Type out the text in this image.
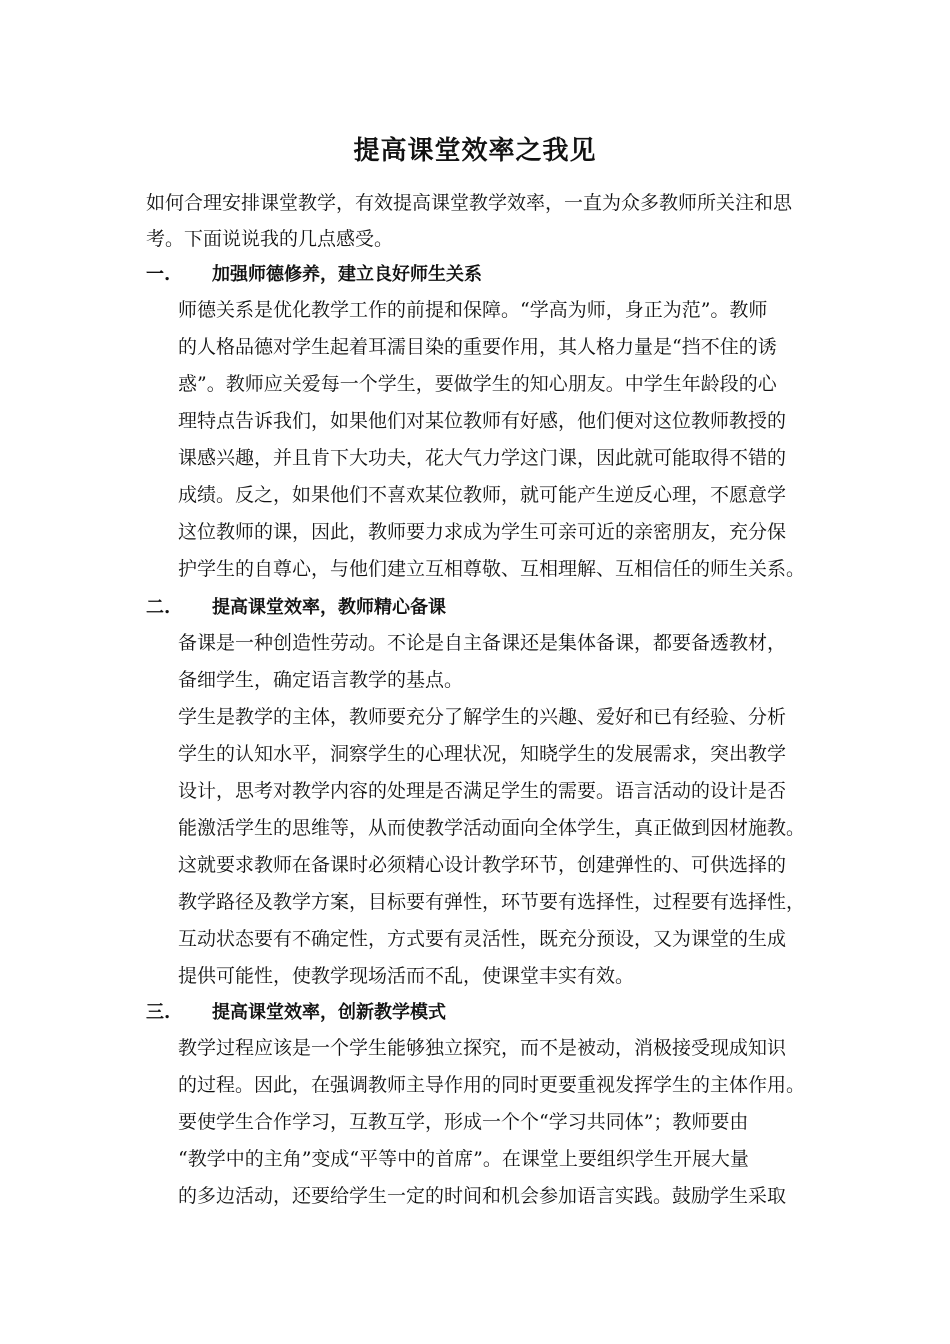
提高课堂效率之我见

如何合理安排课堂教学，有效提高课堂教学效率，一直为众多教师所关注和思
考。下面说说我的几点感受。

一. 加强师德修养，建立良好师生关系

师德关系是优化教学工作的前提和保障。“学高为师，身正为范”。教师
的人格品德对学生起着耳濡目染的重要作用，其人格力量是“挡不住的诱
惑”。教师应关爱每一个学生，要做学生的知心朋友。中学生年龄段的心
理特点告诉我们，如果他们对某位教师有好感，他们便对这位教师教授的
课感兴趣，并且肯下大功夫，花大气力学这门课，因此就可能取得不错的
成绩。反之，如果他们不喜欢某位教师，就可能产生逆反心理，不愿意学
这位教师的课，因此，教师要力求成为学生可亲可近的亲密朋友，充分保
护学生的自尊心，与他们建立互相尊敬、互相理解、互相信任的师生关系。

二. 提高课堂效率，教师精心备课

备课是一种创造性劳动。不论是自主备课还是集体备课，都要备透教材，
备细学生，确定语言教学的基点。

学生是教学的主体，教师要充分了解学生的兴趣、爱好和已有经验、分析
学生的认知水平，洞察学生的心理状况，知晓学生的发展需求，突出教学
设计，思考对教学内容的处理是否满足学生的需要。语言活动的设计是否
能激活学生的思维等，从而使教学活动面向全体学生，真正做到因材施教。
这就要求教师在备课时必须精心设计教学环节，创建弹性的、可供选择的
教学路径及教学方案，目标要有弹性，环节要有选择性，过程要有选择性，
互动状态要有不确定性，方式要有灵活性，既充分预设，又为课堂的生成
提供可能性，使教学现场活而不乱，使课堂丰实有效。

三. 提高课堂效率，创新教学模式

教学过程应该是一个学生能够独立探究，而不是被动，消极接受现成知识
的过程。因此，在强调教师主导作用的同时更要重视发挥学生的主体作用。
要使学生合作学习，互教互学，形成一个个“学习共同体”；教师要由
“教学中的主角”变成“平等中的首席”。在课堂上要组织学生开展大量
的多边活动，还要给学生一定的时间和机会参加语言实践。鼓励学生采取
